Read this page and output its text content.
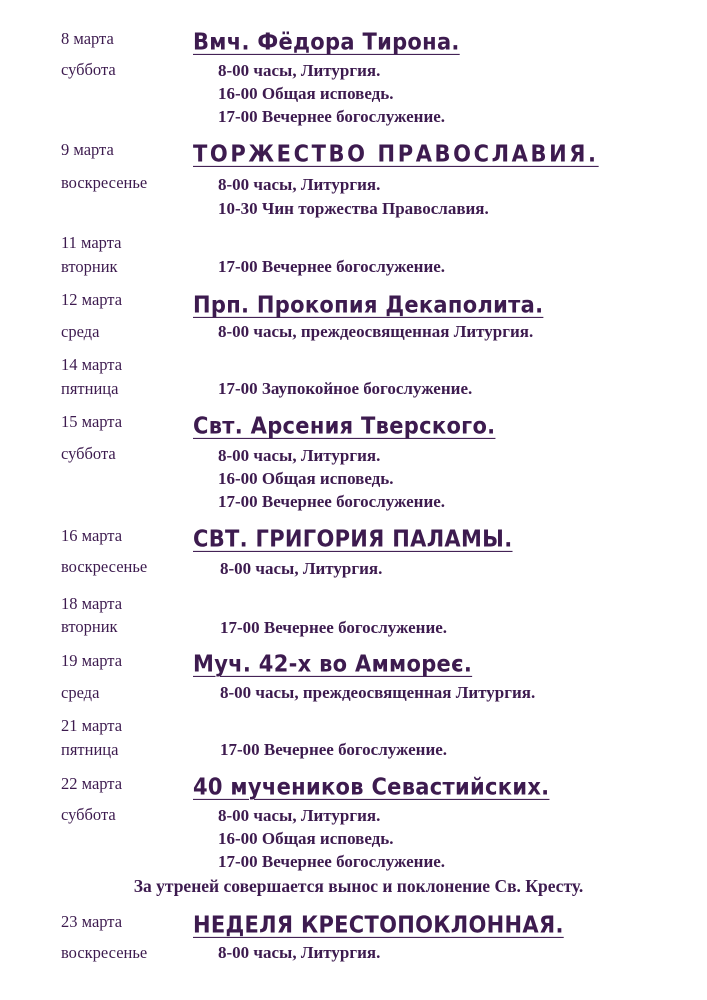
8 марта	Вмч. Фёдора Тирона.
суббота	8-00 часы, Литургия.
16-00 Общая исповедь.
17-00 Вечернее богослужение.
9 марта	ТОРЖЕСТВО ПРАВОСЛАВИЯ.
воскресенье	8-00 часы, Литургия.
10-30 Чин торжества Православия.
11 марта
вторник	17-00 Вечернее богослужение.
12 марта	Прп. Прокопия Декаполита.
среда	8-00 часы, преждеосвященная Литургия.
14 марта
пятница	17-00 Заупокойное богослужение.
15 марта	Свт. Арсения Тверского.
суббота	8-00 часы, Литургия.
16-00 Общая исповедь.
17-00 Вечернее богослужение.
16 марта	СВТ. ГРИГОРИЯ ПАЛАМЫ.
воскресенье	8-00 часы, Литургия.
18 марта
вторник	17-00 Вечернее богослужение.
19 марта	Муч. 42-х во Аммореє.
среда	8-00 часы, преждеосвященная Литургия.
21 марта
пятница	17-00 Вечернее богослужение.
22 марта	40 мучеников Севастийских.
суббота	8-00 часы, Литургия.
16-00 Общая исповедь.
17-00 Вечернее богослужение.
За утреней совершается вынос и поклонение Св. Кресту.
23 марта	НЕДЕЛЯ КРЕСТОПОКЛОННАЯ.
воскресенье	8-00 часы, Литургия.
